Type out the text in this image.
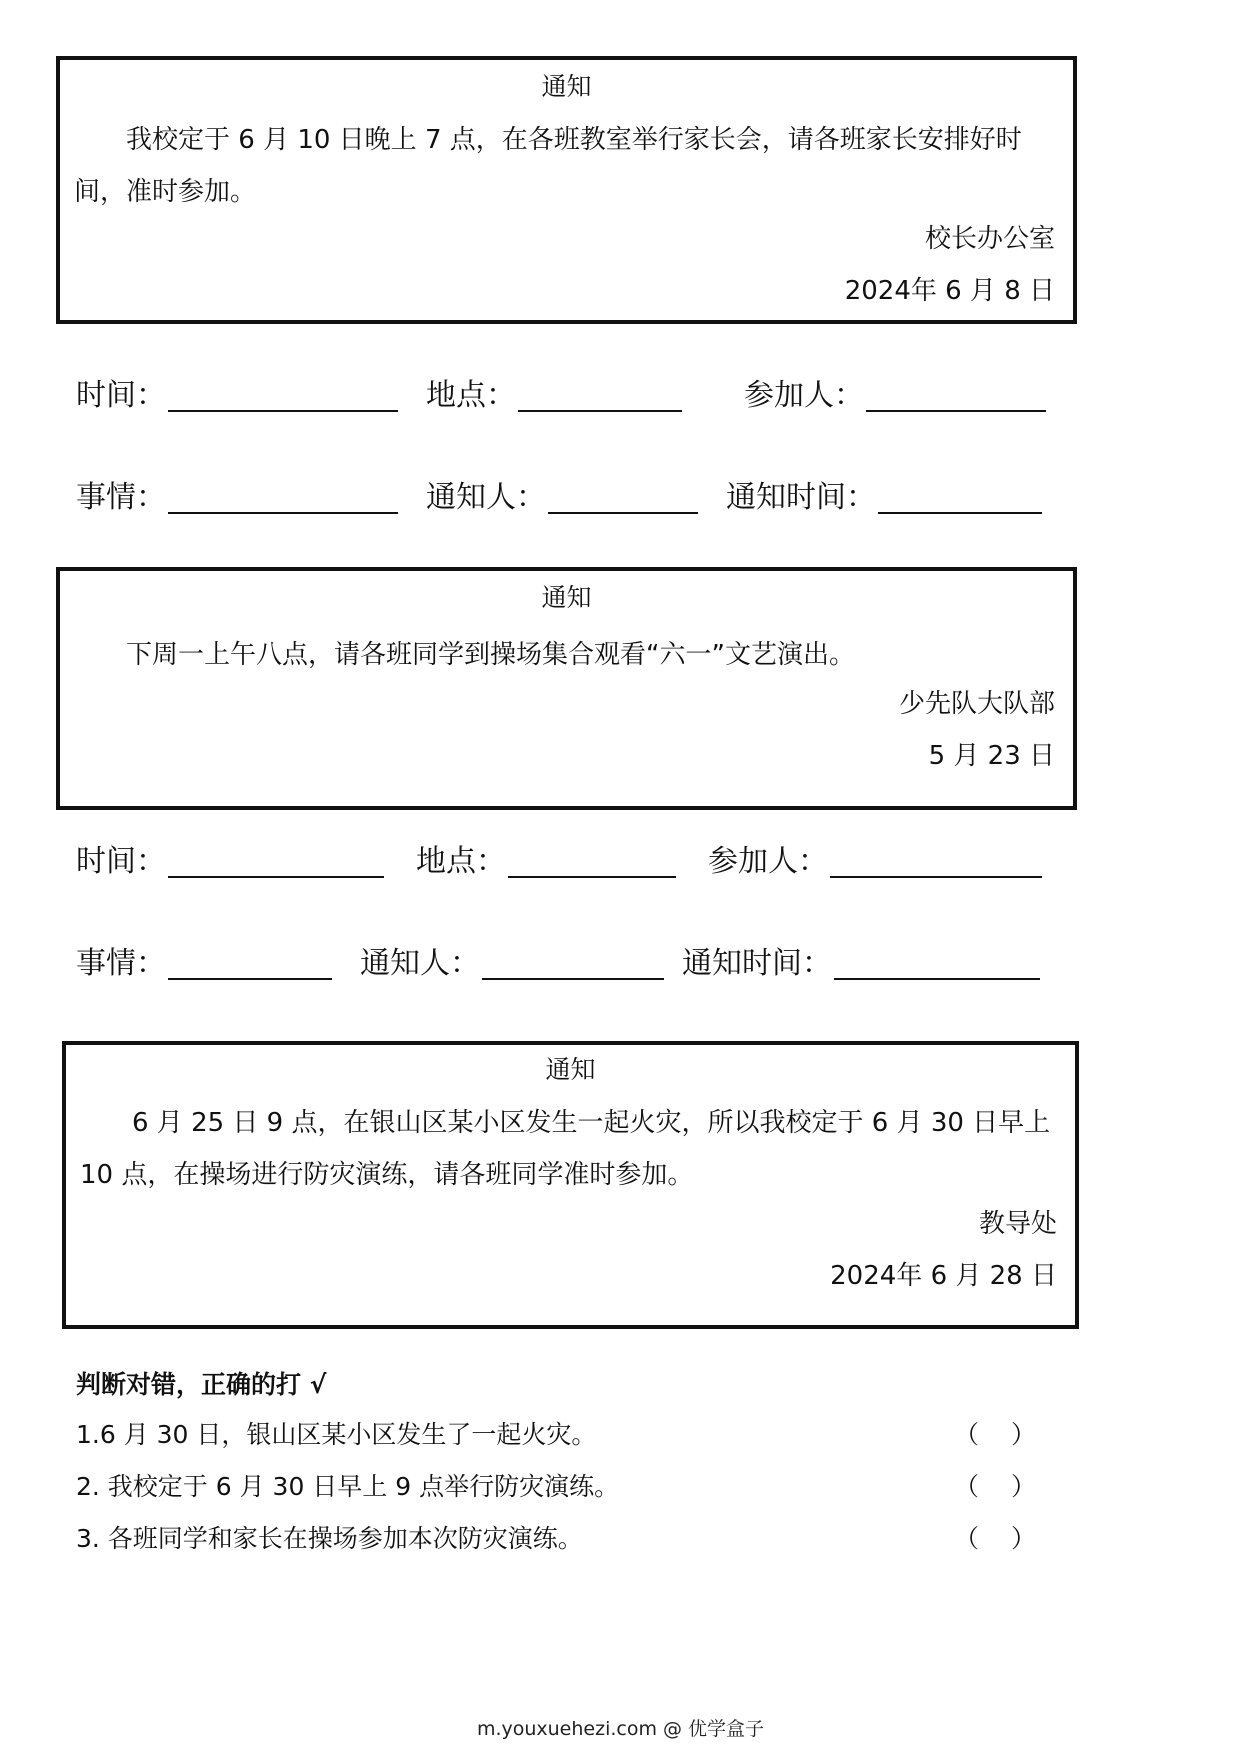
通知
我校定于 6 月 10 日晚上 7 点，在各班教室举行家长会，请各班家长安排好时间，准时参加。
校长办公室
2024年 6 月 8 日
时间：	地点：	参加人：
事情：	通知人：	通知时间：
通知
下周一上午八点，请各班同学到操场集合观看“六一”文艺演出。
少先队大队部
5 月 23 日
时间：	地点：	参加人：
事情：	通知人：	通知时间：
通知
6 月 25 日 9 点，在银山区某小区发生一起火灾，所以我校定于 6 月 30 日早上 10 点，在操场进行防灾演练，请各班同学准时参加。
教导处
2024年 6 月 28 日
判断对错，正确的打 √
1.6 月 30 日，银山区某小区发生了一起火灾。	（ ）
2. 我校定于 6 月 30 日早上 9 点举行防灾演练。	（ ）
3. 各班同学和家长在操场参加本次防灾演练。	（ ）
m.youxuehezi.com @ 优学盒子
